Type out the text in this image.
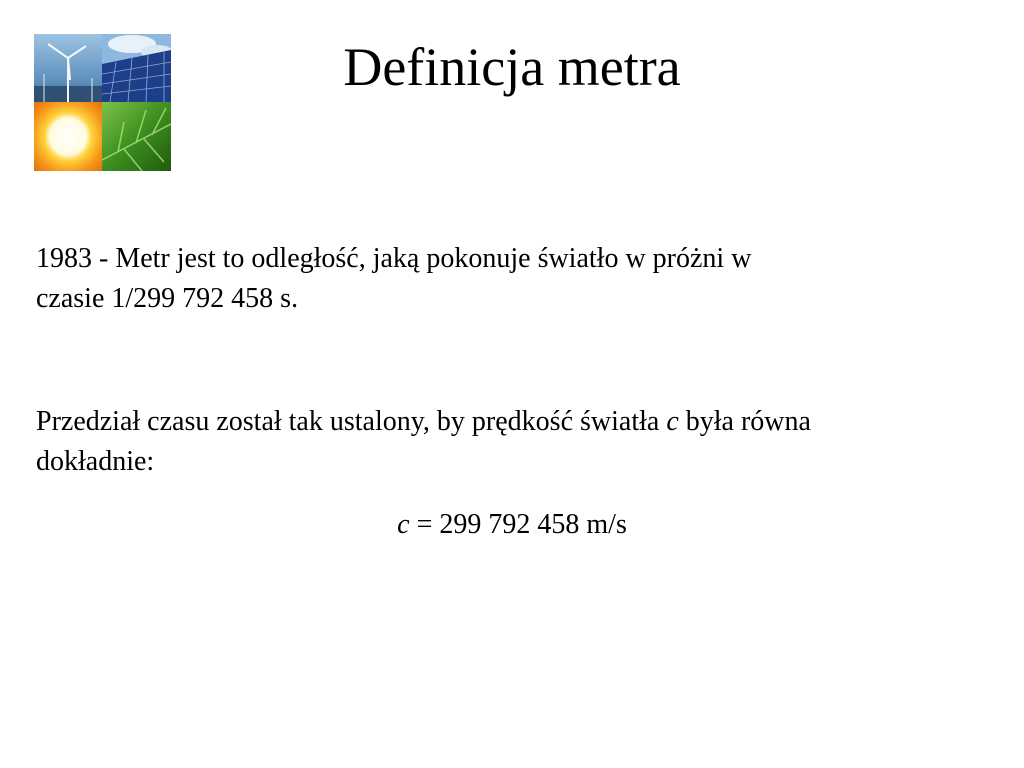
Definicja metra

1983 - Metr jest to odległość, jaką pokonuje światło w próżni w
czasie 1/299 792 458 s.

Przedział czasu został tak ustalony, by prędkość światła c była równa
dokładnie:

c = 299 792 458 m/s
